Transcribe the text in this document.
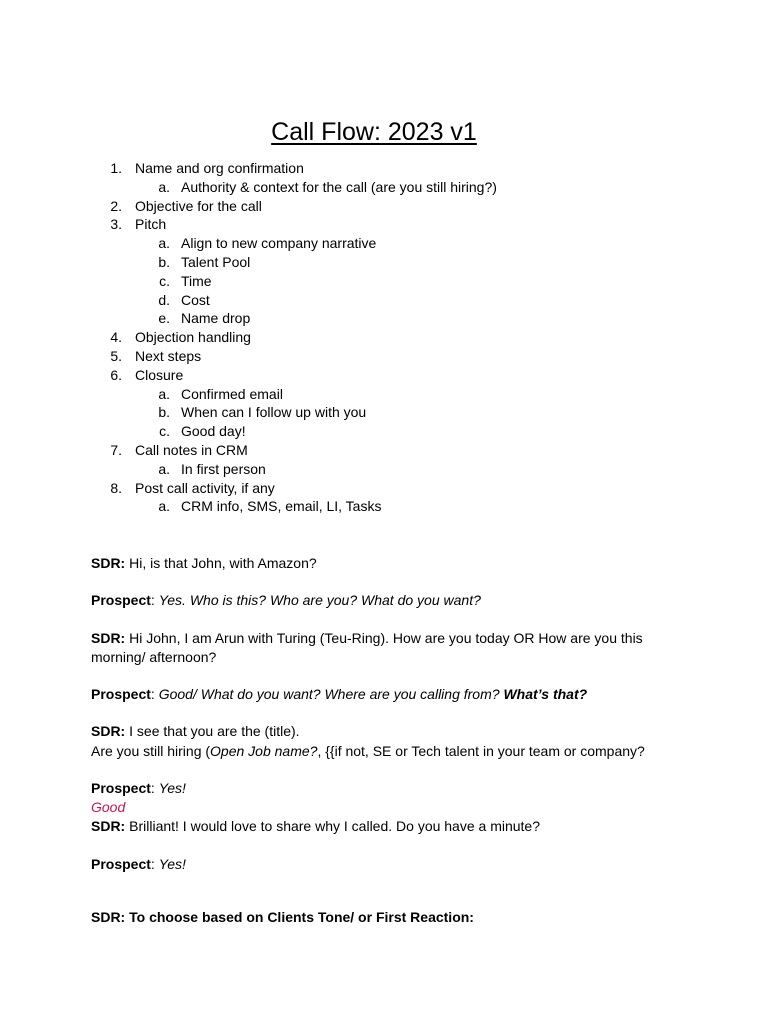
Call Flow: 2023 v1
1. Name and org confirmation
a. Authority & context for the call (are you still hiring?)
2. Objective for the call
3. Pitch
a. Align to new company narrative
b. Talent Pool
c. Time
d. Cost
e. Name drop
4. Objection handling
5. Next steps
6. Closure
a. Confirmed email
b. When can I follow up with you
c. Good day!
7. Call notes in CRM
a. In first person
8. Post call activity, if any
a. CRM info, SMS, email, LI, Tasks
SDR: Hi, is that John, with Amazon?
Prospect: Yes. Who is this? Who are you? What do you want?
SDR: Hi John, I am Arun with Turing (Teu-Ring). How are you today OR How are you this
morning/ afternoon?
Prospect: Good/ What do you want? Where are you calling from? What’s that?
SDR: I see that you are the (title).
Are you still hiring (Open Job name?, {{if not, SE or Tech talent in your team or company?
Prospect: Yes!
Good
SDR: Brilliant! I would love to share why I called. Do you have a minute?
Prospect: Yes!
SDR: To choose based on Clients Tone/ or First Reaction:
